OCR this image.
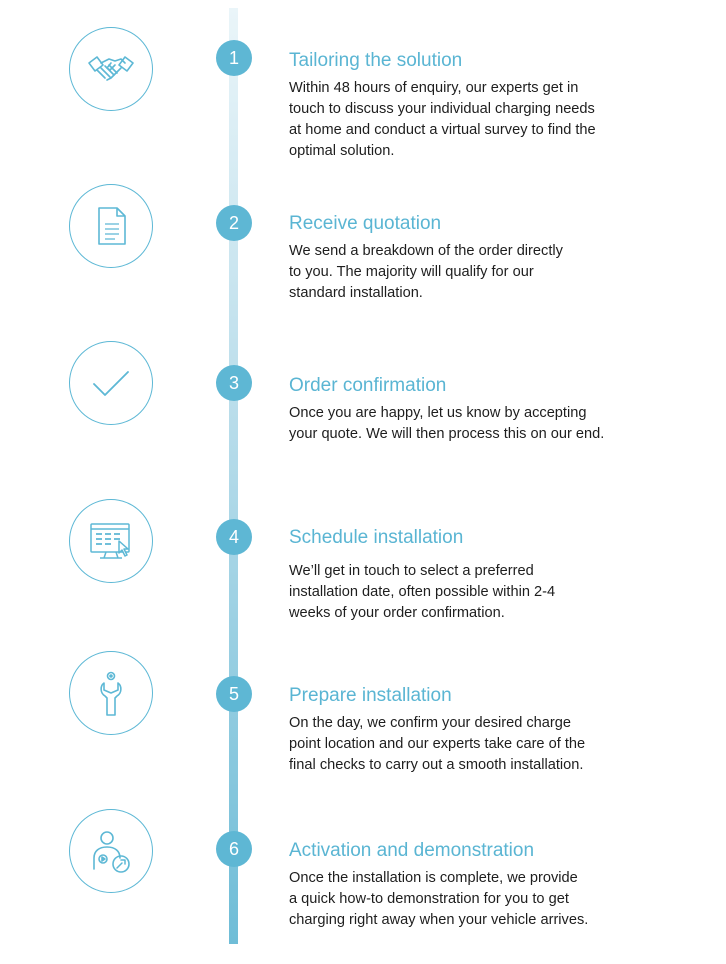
1	Tailoring the solution

Within 48 hours of enquiry, our experts get in
touch to discuss your individual charging needs
at home and conduct a virtual survey to find the
optimal solution.

2	Receive quotation

We send a breakdown of the order directly
to you. The majority will qualify for our
standard installation.

3	Order confirmation

Once you are happy, let us know by accepting
your quote. We will then process this on our end.

4	Schedule installation

We’ll get in touch to select a preferred
installation date, often possible within 2-4
weeks of your order confirmation.

5	Prepare installation

On the day, we confirm your desired charge
point location and our experts take care of the
final checks to carry out a smooth installation.

6	Activation and demonstration

Once the installation is complete, we provide
a quick how-to demonstration for you to get
charging right away when your vehicle arrives.
